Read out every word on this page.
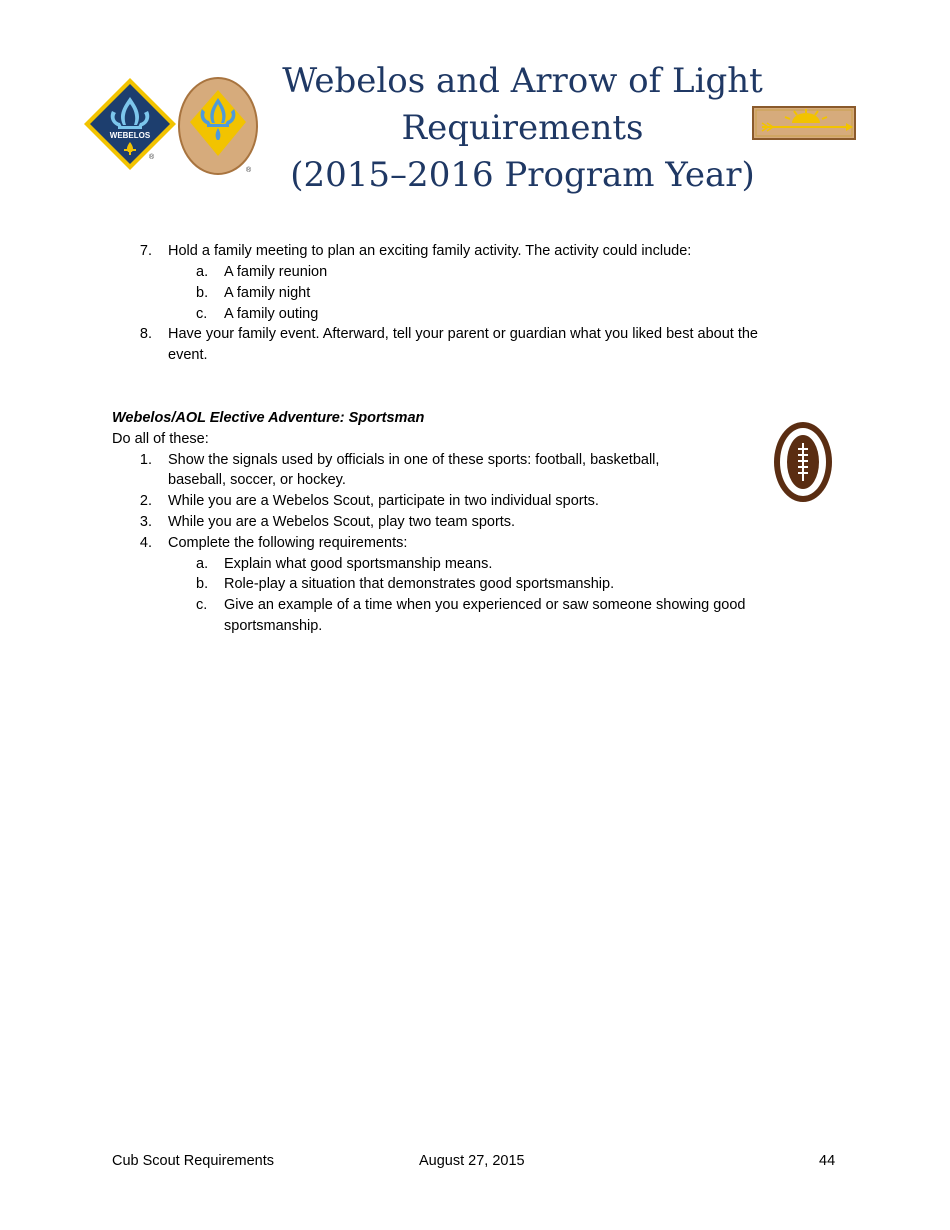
WEBELOS
®
®
Webelos and Arrow of Light
Requirements
(2015–2016 Program Year)
7. Hold a family meeting to plan an exciting family activity. The activity could include:
a. A family reunion
b. A family night
c. A family outing
8. Have your family event. Afterward, tell your parent or guardian what you liked best about the
event.
Webelos/AOL Elective Adventure: Sportsman
Do all of these:
1. Show the signals used by officials in one of these sports: football, basketball,
baseball, soccer, or hockey.
2. While you are a Webelos Scout, participate in two individual sports.
3. While you are a Webelos Scout, play two team sports.
4. Complete the following requirements:
a. Explain what good sportsmanship means.
b. Role-play a situation that demonstrates good sportsmanship.
c. Give an example of a time when you experienced or saw someone showing good
sportsmanship.
Cub Scout Requirements	August 27, 2015	44
